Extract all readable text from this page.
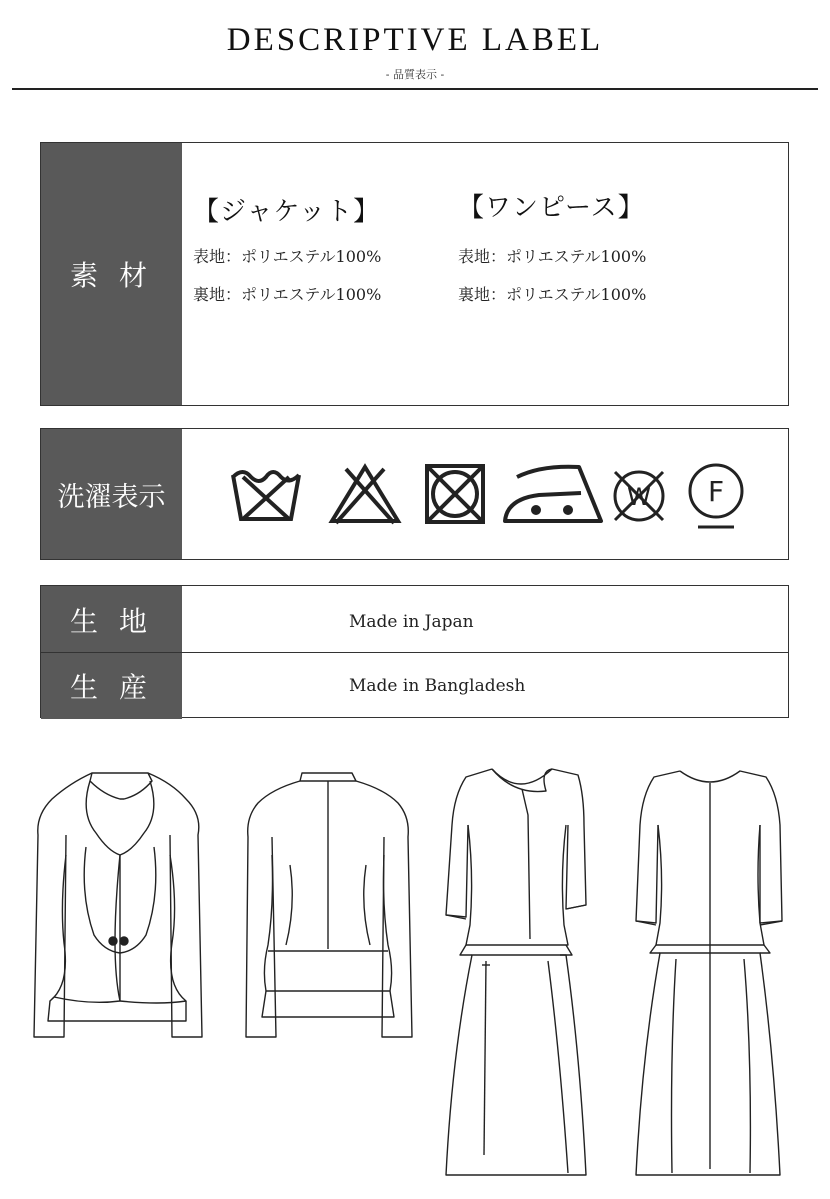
DESCRIPTIVE LABEL
- 品質表示 -
素 材
【ジャケット】
表地：ポリエステル100%
裏地：ポリエステル100%
【ワンピース】
表地：ポリエステル100%
裏地：ポリエステル100%
洗濯表示	W F
生 地
生 産
Made in Japan
Made in Bangladesh
